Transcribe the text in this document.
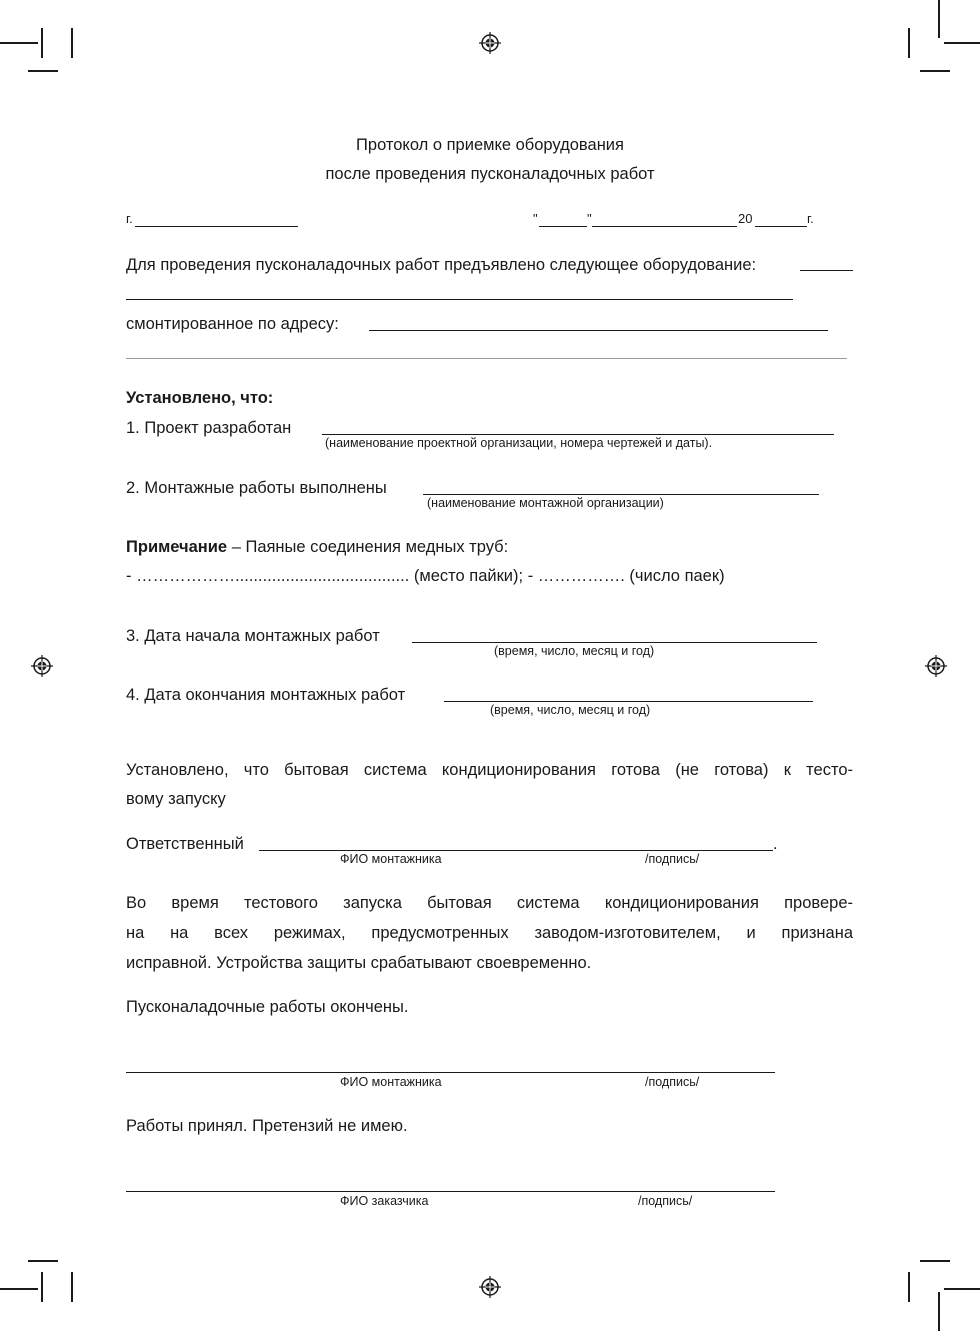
Протокол о приемке оборудования
после проведения пусконаладочных работ
г.	"	"	20	г.
Для проведения пусконаладочных работ предъявлено следующее оборудование:
смонтированное по адресу:
Установлено, что:
1. Проект разработан
(наименование проектной организации, номера чертежей и даты).
2. Монтажные работы выполнены
(наименование монтажной организации)
Примечание – Паяные соединения медных труб:
- ………………...................................... (место пайки); - ……………. (число паек)
3. Дата начала монтажных работ
(время, число, месяц и год)
4. Дата окончания монтажных работ
(время, число, месяц и год)
Установлено, что бытовая система кондиционирования готова (не готова) к тесто-
вому запуску
Ответственный	.
ФИО монтажника	/подпись/
Во время тестового запуска бытовая система кондиционирования провере-
на на всех режимах, предусмотренных заводом-изготовителем, и признана
исправной. Устройства защиты срабатывают своевременно.
Пусконаладочные работы окончены.
ФИО монтажника	/подпись/
Работы принял. Претензий не имею.
ФИО заказчика	/подпись/
